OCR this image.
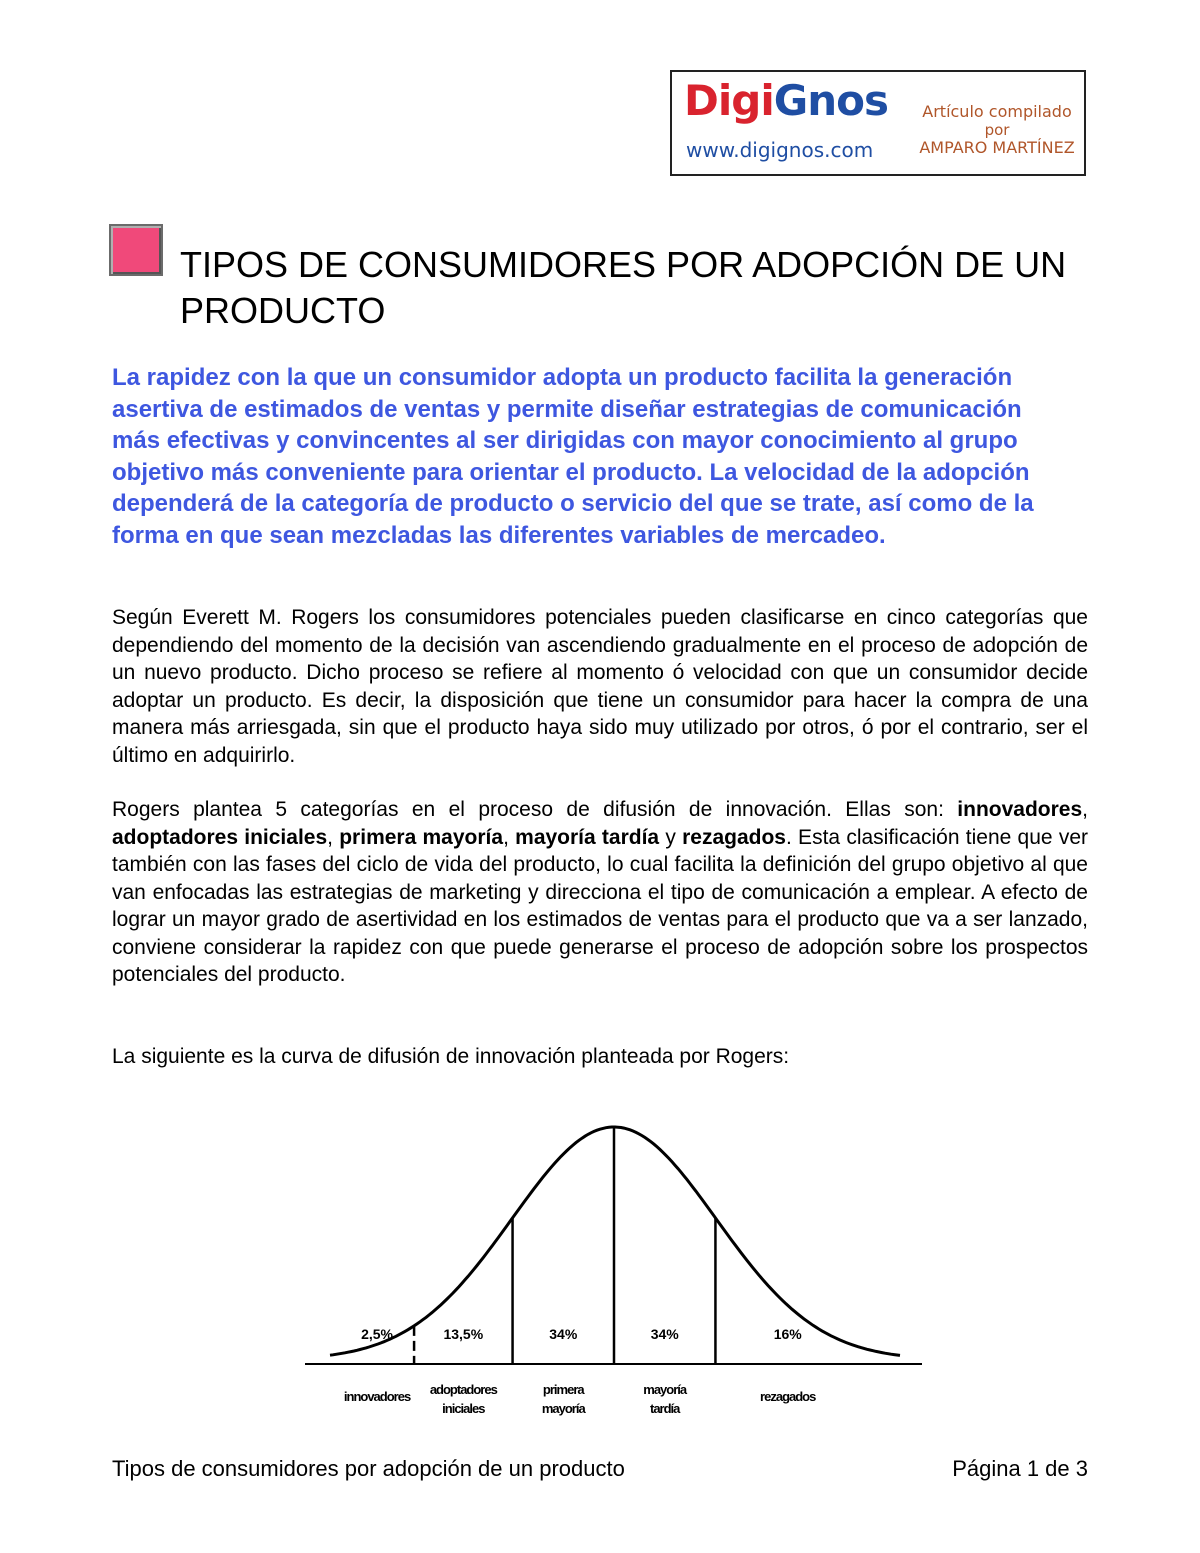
DigiGnos
www.digignos.com
Artículo compilado
por
AMPARO MARTÍNEZ
TIPOS DE CONSUMIDORES POR ADOPCIÓN DE UN PRODUCTO

La rapidez con la que un consumidor adopta un producto facilita la generación asertiva de estimados de ventas y permite diseñar estrategias de comunicación más efectivas y convincentes al ser dirigidas con mayor conocimiento al grupo objetivo más conveniente para orientar el producto. La velocidad de la adopción dependerá de la categoría de producto o servicio del que se trate, así como de la forma en que sean mezcladas las diferentes variables de mercadeo.

Según Everett M. Rogers los consumidores potenciales pueden clasificarse en cinco categorías que dependiendo del momento de la decisión van ascendiendo gradualmente en el proceso de adopción de un nuevo producto. Dicho proceso se refiere al momento ó velocidad con que un consumidor decide adoptar un producto. Es decir, la disposición que tiene un consumidor para hacer la compra de una manera más arriesgada, sin que el producto haya sido muy utilizado por otros, ó por el contrario, ser el último en adquirirlo.

Rogers plantea 5 categorías en el proceso de difusión de innovación. Ellas son: innovadores, adoptadores iniciales, primera mayoría, mayoría tardía y rezagados. Esta clasificación tiene que ver también con las fases del ciclo de vida del producto, lo cual facilita la definición del grupo objetivo al que van enfocadas las estrategias de marketing y direcciona el tipo de comunicación a emplear. A efecto de lograr un mayor grado de asertividad en los estimados de ventas para el producto que va a ser lanzado, conviene considerar la rapidez con que puede generarse el proceso de adopción sobre los prospectos potenciales del producto.

La siguiente es la curva de difusión de innovación planteada por Rogers:

2,5%
innovadores
13,5%
adoptadores
iniciales
34%
primera
mayoría
34%
mayoría
tardía
16%
rezagados
Tipos de consumidores por adopción de un producto	Página 1 de 3
